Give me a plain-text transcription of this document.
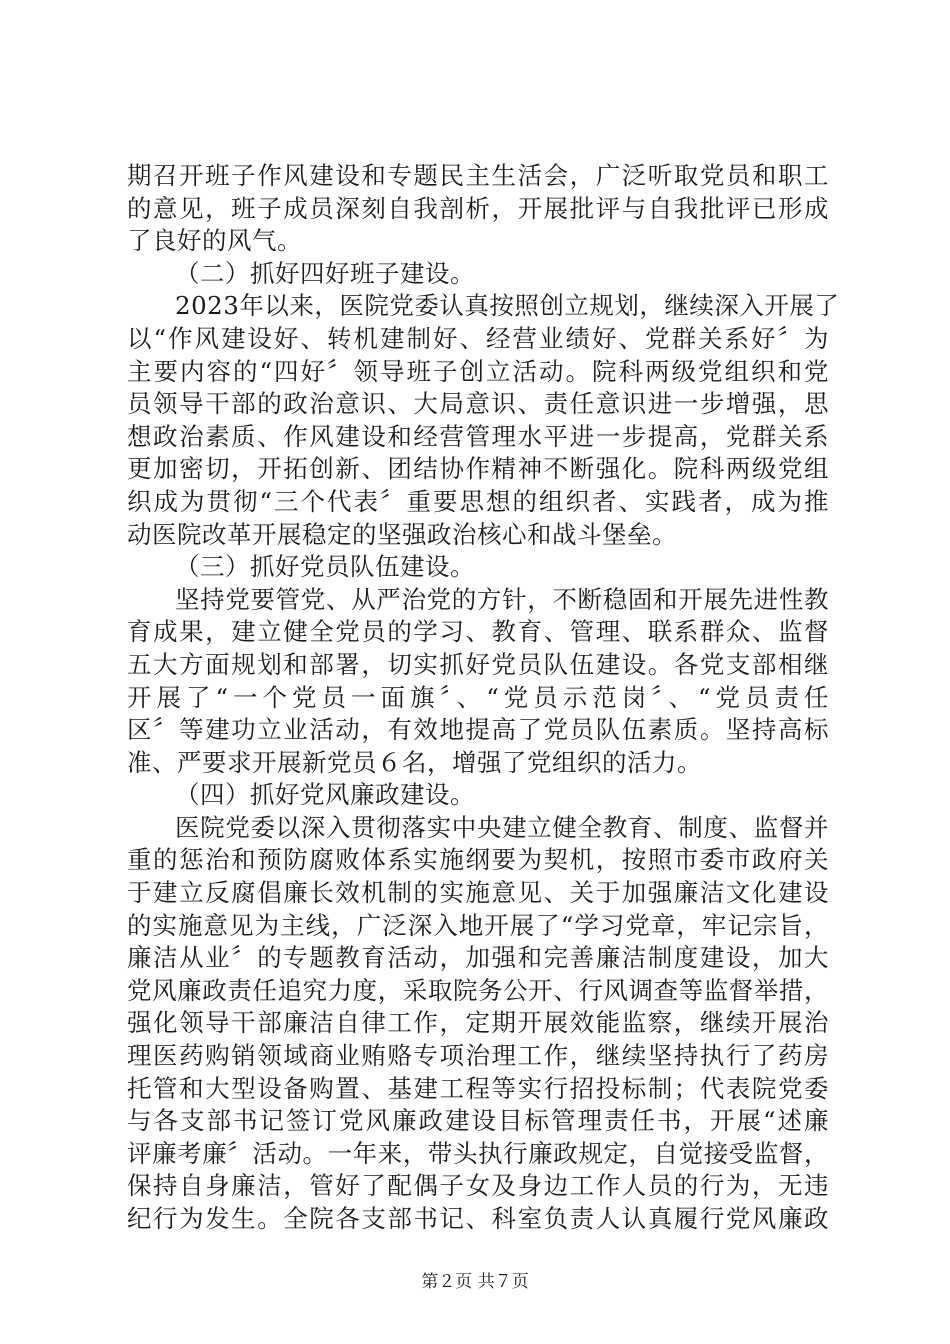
期召开班子作风建设和专题民主生活会，广泛听取党员和职工
的意见，班子成员深刻自我剖析，开展批评与自我批评已形成
了良好的风气。
（二）抓好四好班子建设。
2023年以来，医院党委认真按照创立规划，继续深入开展了
以“作风建设好、转机建制好、经营业绩好、党群关系好〞为
主要内容的“四好〞领导班子创立活动。院科两级党组织和党
员领导干部的政治意识、大局意识、责任意识进一步增强，思
想政治素质、作风建设和经营管理水平进一步提高，党群关系
更加密切，开拓创新、团结协作精神不断强化。院科两级党组
织成为贯彻“三个代表〞重要思想的组织者、实践者，成为推
动医院改革开展稳定的坚强政治核心和战斗堡垒。
（三）抓好党员队伍建设。
坚持党要管党、从严治党的方针，不断稳固和开展先进性教
育成果，建立健全党员的学习、教育、管理、联系群众、监督
五大方面规划和部署，切实抓好党员队伍建设。各党支部相继
开展了“一个党员一面旗〞、“党员示范岗〞、“党员责任
区〞等建功立业活动，有效地提高了党员队伍素质。坚持高标
准、严要求开展新党员６名，增强了党组织的活力。
（四）抓好党风廉政建设。
医院党委以深入贯彻落实中央建立健全教育、制度、监督并
重的惩治和预防腐败体系实施纲要为契机，按照市委市政府关
于建立反腐倡廉长效机制的实施意见、关于加强廉洁文化建设
的实施意见为主线，广泛深入地开展了“学习党章，牢记宗旨，
廉洁从业〞的专题教育活动，加强和完善廉洁制度建设，加大
党风廉政责任追究力度，采取院务公开、行风调查等监督举措，
强化领导干部廉洁自律工作，定期开展效能监察，继续开展治
理医药购销领域商业贿赂专项治理工作，继续坚持执行了药房
托管和大型设备购置、基建工程等实行招投标制；代表院党委
与各支部书记签订党风廉政建设目标管理责任书，开展“述廉
评廉考廉〞活动。一年来，带头执行廉政规定，自觉接受监督，
保持自身廉洁，管好了配偶子女及身边工作人员的行为，无违
纪行为发生。全院各支部书记、科室负责人认真履行党风廉政
第２页 共７页
